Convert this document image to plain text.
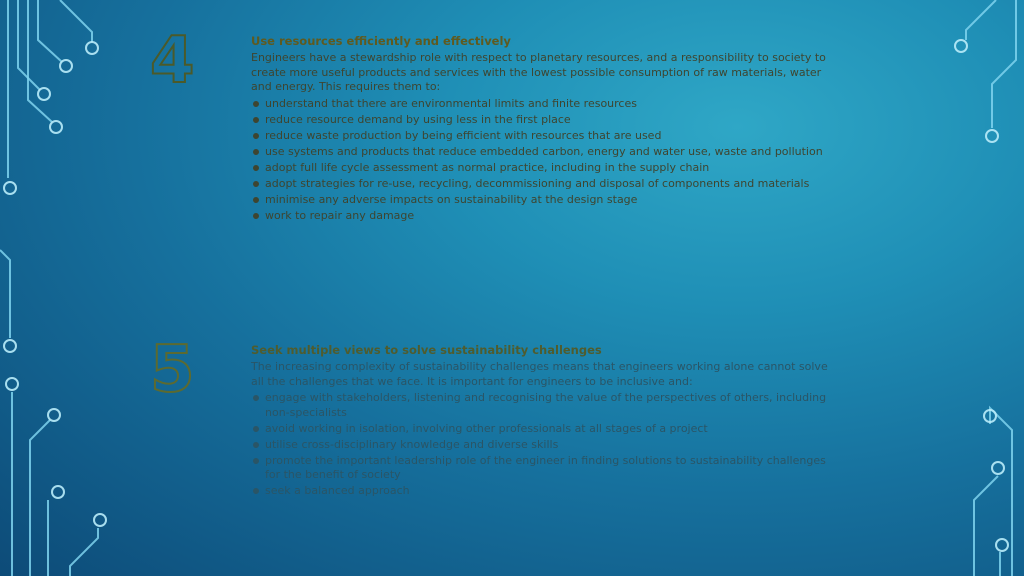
4	Use resources efficiently and effectively

Engineers have a stewardship role with respect to planetary resources, and a responsibility to society to create more useful products and services with the lowest possible consumption of raw materials, water and energy. This requires them to:

understand that there are environmental limits and finite resources
reduce resource demand by using less in the first place
reduce waste production by being efficient with resources that are used
use systems and products that reduce embedded carbon, energy and water use, waste and pollution
adopt full life cycle assessment as normal practice, including in the supply chain
adopt strategies for re-use, recycling, decommissioning and disposal of components and materials
minimise any adverse impacts on sustainability at the design stage
work to repair any damage
5	Seek multiple views to solve sustainability challenges

The increasing complexity of sustainability challenges means that engineers working alone cannot solve all the challenges that we face. It is important for engineers to be inclusive and:

engage with stakeholders, listening and recognising the value of the perspectives of others, including non-specialists
avoid working in isolation, involving other professionals at all stages of a project
utilise cross-disciplinary knowledge and diverse skills
promote the important leadership role of the engineer in finding solutions to sustainability challenges for the benefit of society
seek a balanced approach
